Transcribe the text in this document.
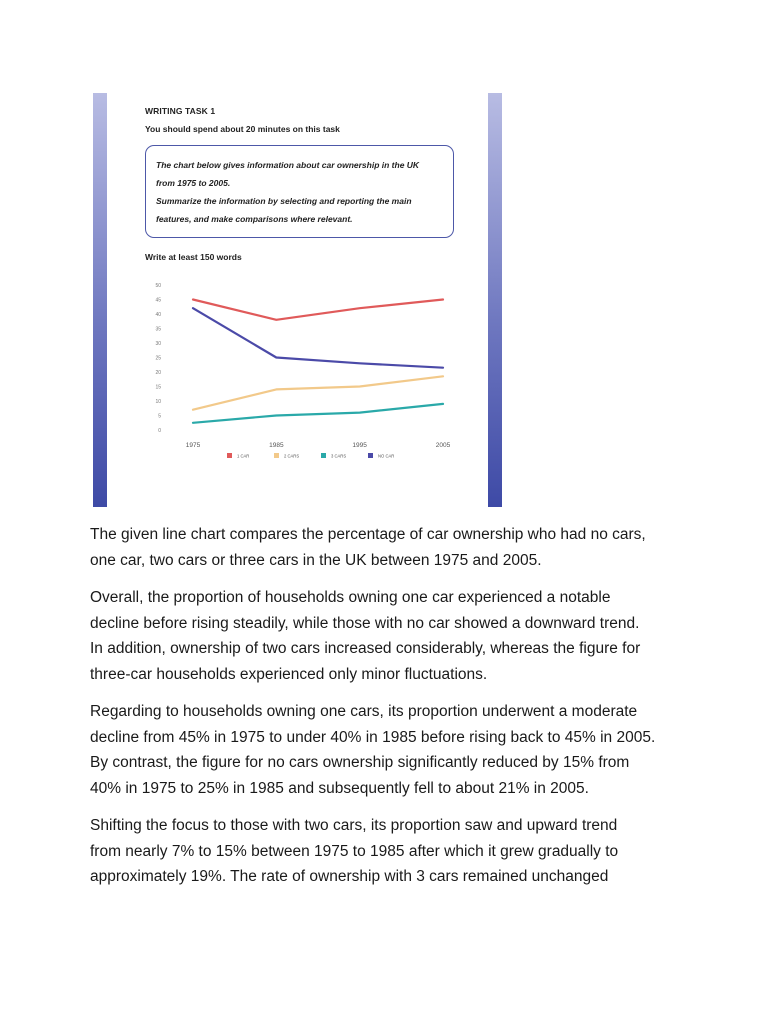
WRITING TASK 1
You should spend about 20 minutes on this task
The chart below gives information about car ownership in the UK
from 1975 to 2005.
Summarize the information by selecting and reporting the main
features, and make comparisons where relevant.
Write at least 150 words
0
5
10
15
20
25
30
35
40
45
50
1975	1985	1995	2005
1 CAR	2 CARS	3 CARS	NO CAR

The given line chart compares the percentage of car ownership who had no cars,
one car, two cars or three cars in the UK between 1975 and 2005.

Overall, the proportion of households owning one car experienced a notable
decline before rising steadily, while those with no car showed a downward trend.
In addition, ownership of two cars increased considerably, whereas the figure for
three-car households experienced only minor fluctuations.

Regarding to households owning one cars, its proportion underwent a moderate
decline from 45% in 1975 to under 40% in 1985 before rising back to 45% in 2005.
By contrast, the figure for no cars ownership significantly reduced by 15% from
40% in 1975 to 25% in 1985 and subsequently fell to about 21% in 2005.

Shifting the focus to those with two cars, its proportion saw and upward trend
from nearly 7% to 15% between 1975 to 1985 after which it grew gradually to
approximately 19%. The rate of ownership with 3 cars remained unchanged
